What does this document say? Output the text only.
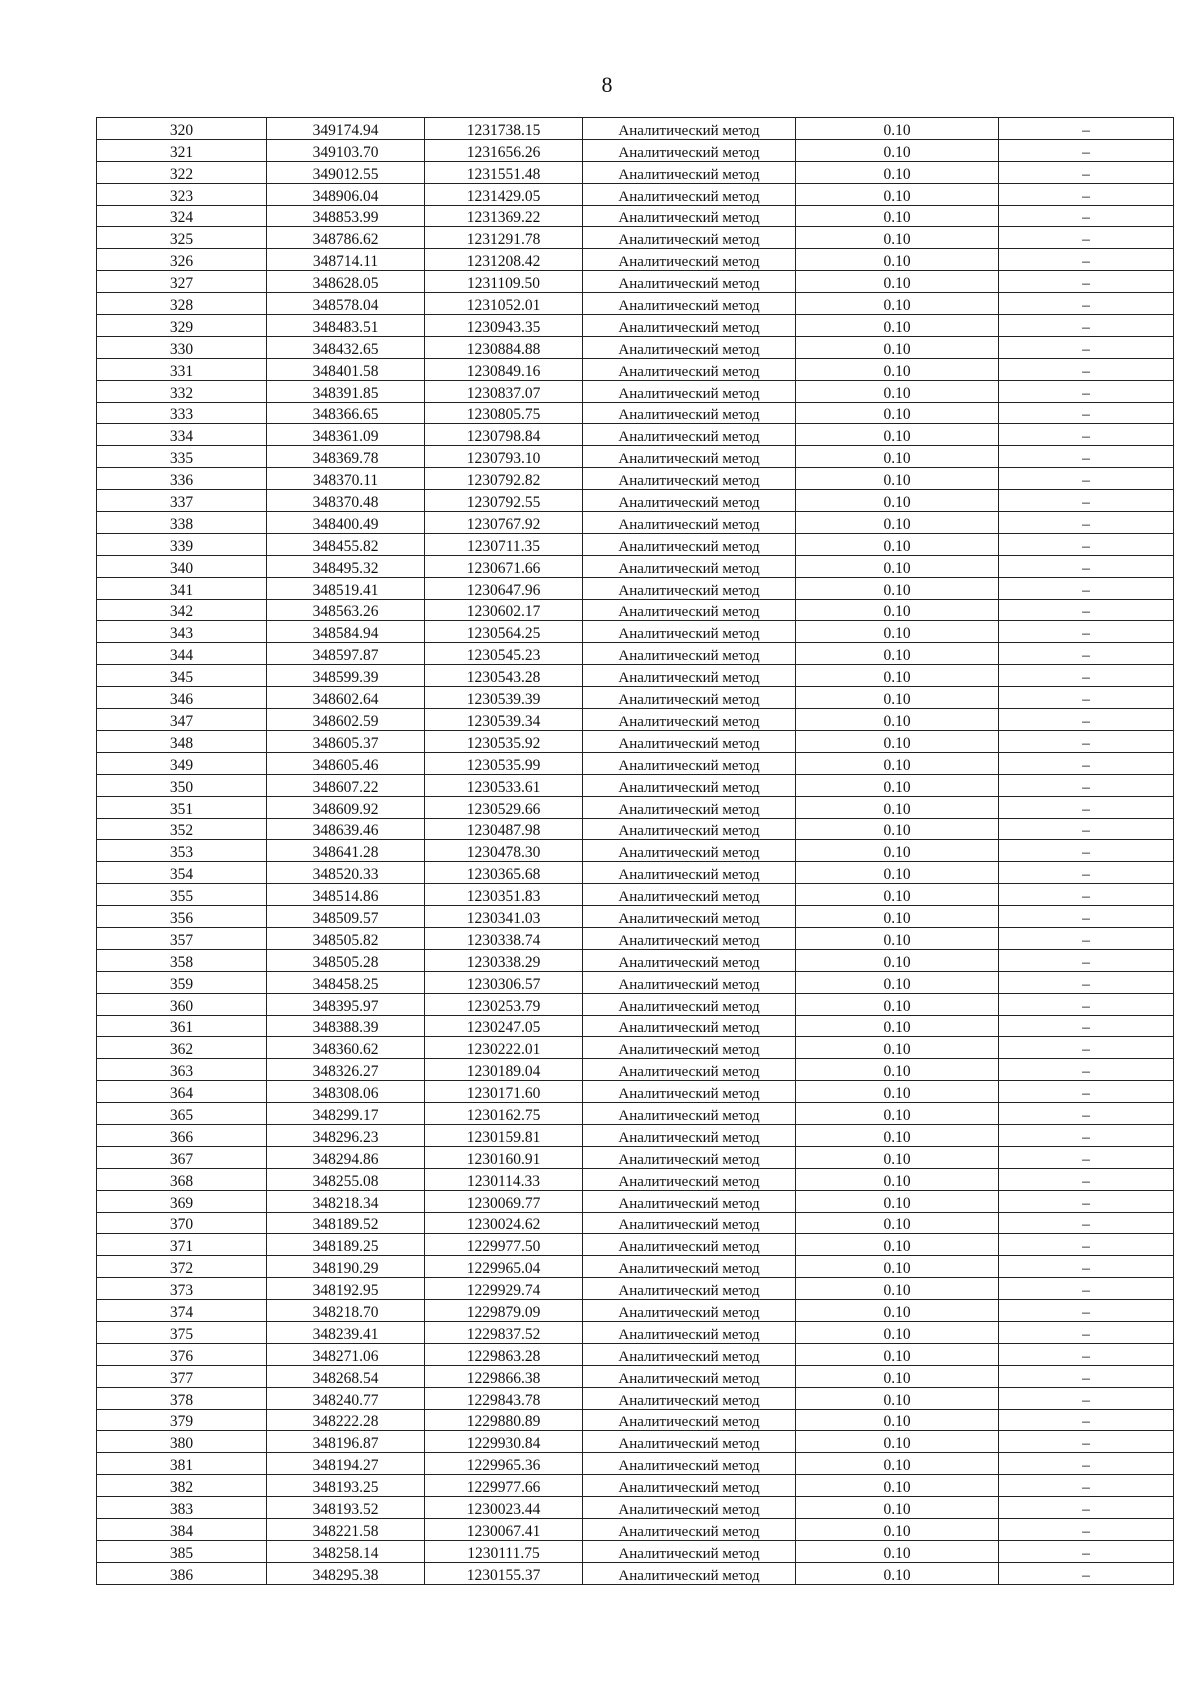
8
320	349174.94	1231738.15	Аналитический метод	0.10	–
321	349103.70	1231656.26	Аналитический метод	0.10	–
322	349012.55	1231551.48	Аналитический метод	0.10	–
323	348906.04	1231429.05	Аналитический метод	0.10	–
324	348853.99	1231369.22	Аналитический метод	0.10	–
325	348786.62	1231291.78	Аналитический метод	0.10	–
326	348714.11	1231208.42	Аналитический метод	0.10	–
327	348628.05	1231109.50	Аналитический метод	0.10	–
328	348578.04	1231052.01	Аналитический метод	0.10	–
329	348483.51	1230943.35	Аналитический метод	0.10	–
330	348432.65	1230884.88	Аналитический метод	0.10	–
331	348401.58	1230849.16	Аналитический метод	0.10	–
332	348391.85	1230837.07	Аналитический метод	0.10	–
333	348366.65	1230805.75	Аналитический метод	0.10	–
334	348361.09	1230798.84	Аналитический метод	0.10	–
335	348369.78	1230793.10	Аналитический метод	0.10	–
336	348370.11	1230792.82	Аналитический метод	0.10	–
337	348370.48	1230792.55	Аналитический метод	0.10	–
338	348400.49	1230767.92	Аналитический метод	0.10	–
339	348455.82	1230711.35	Аналитический метод	0.10	–
340	348495.32	1230671.66	Аналитический метод	0.10	–
341	348519.41	1230647.96	Аналитический метод	0.10	–
342	348563.26	1230602.17	Аналитический метод	0.10	–
343	348584.94	1230564.25	Аналитический метод	0.10	–
344	348597.87	1230545.23	Аналитический метод	0.10	–
345	348599.39	1230543.28	Аналитический метод	0.10	–
346	348602.64	1230539.39	Аналитический метод	0.10	–
347	348602.59	1230539.34	Аналитический метод	0.10	–
348	348605.37	1230535.92	Аналитический метод	0.10	–
349	348605.46	1230535.99	Аналитический метод	0.10	–
350	348607.22	1230533.61	Аналитический метод	0.10	–
351	348609.92	1230529.66	Аналитический метод	0.10	–
352	348639.46	1230487.98	Аналитический метод	0.10	–
353	348641.28	1230478.30	Аналитический метод	0.10	–
354	348520.33	1230365.68	Аналитический метод	0.10	–
355	348514.86	1230351.83	Аналитический метод	0.10	–
356	348509.57	1230341.03	Аналитический метод	0.10	–
357	348505.82	1230338.74	Аналитический метод	0.10	–
358	348505.28	1230338.29	Аналитический метод	0.10	–
359	348458.25	1230306.57	Аналитический метод	0.10	–
360	348395.97	1230253.79	Аналитический метод	0.10	–
361	348388.39	1230247.05	Аналитический метод	0.10	–
362	348360.62	1230222.01	Аналитический метод	0.10	–
363	348326.27	1230189.04	Аналитический метод	0.10	–
364	348308.06	1230171.60	Аналитический метод	0.10	–
365	348299.17	1230162.75	Аналитический метод	0.10	–
366	348296.23	1230159.81	Аналитический метод	0.10	–
367	348294.86	1230160.91	Аналитический метод	0.10	–
368	348255.08	1230114.33	Аналитический метод	0.10	–
369	348218.34	1230069.77	Аналитический метод	0.10	–
370	348189.52	1230024.62	Аналитический метод	0.10	–
371	348189.25	1229977.50	Аналитический метод	0.10	–
372	348190.29	1229965.04	Аналитический метод	0.10	–
373	348192.95	1229929.74	Аналитический метод	0.10	–
374	348218.70	1229879.09	Аналитический метод	0.10	–
375	348239.41	1229837.52	Аналитический метод	0.10	–
376	348271.06	1229863.28	Аналитический метод	0.10	–
377	348268.54	1229866.38	Аналитический метод	0.10	–
378	348240.77	1229843.78	Аналитический метод	0.10	–
379	348222.28	1229880.89	Аналитический метод	0.10	–
380	348196.87	1229930.84	Аналитический метод	0.10	–
381	348194.27	1229965.36	Аналитический метод	0.10	–
382	348193.25	1229977.66	Аналитический метод	0.10	–
383	348193.52	1230023.44	Аналитический метод	0.10	–
384	348221.58	1230067.41	Аналитический метод	0.10	–
385	348258.14	1230111.75	Аналитический метод	0.10	–
386	348295.38	1230155.37	Аналитический метод	0.10	–
